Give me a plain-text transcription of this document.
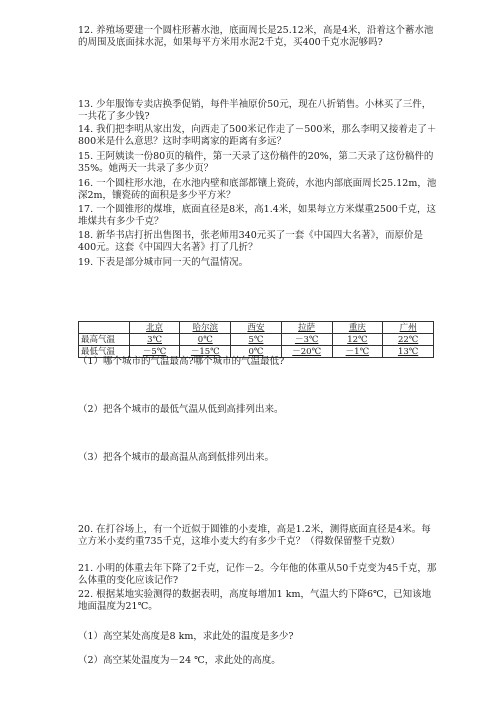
12. 养殖场要建一个圆柱形蓄水池，底面周长是25.12米，高是4米，沿着这个蓄水池的周围及底面抹水泥，如果每平方米用水泥2千克，买400千克水泥够吗?

13. 少年服饰专卖店换季促销，每件半袖原价50元，现在八折销售。小林买了三件，一共花了多少钱?

14. 我们把李明从家出发，向西走了500米记作走了－500米，那么李明又接着走了＋800米是什么意思？这时李明离家的距离有多远？

15. 王阿姨读一份80页的稿件，第一天录了这份稿件的20%，第二天录了这份稿件的35%。她两天一共录了多少页？

16. 一个圆柱形水池，在水池内壁和底部都镶上瓷砖，水池内部底面周长25.12m，池深2m，镶瓷砖的面积是多少平方米？

17. 一个圆锥形的煤堆，底面直径是8米，高1.4米，如果每立方米煤重2500千克，这堆煤共有多少千克？

18. 新华书店打折出售图书，张老师用340元买了一套《中国四大名著》，而原价是400元。这套《中国四大名著》打了几折？

19. 下表是部分城市同一天的气温情况。

	北京	哈尔滨	西安	拉萨	重庆	广州
最高气温	3℃	0℃	5℃	－3℃	12℃	22℃
最低气温	－5℃	－15℃	0℃	－20℃	－1℃	13℃

（1）哪个城市的气温最高?哪个城市的气温最低?

（2）把各个城市的最低气温从低到高排列出来。

（3）把各个城市的最高温从高到低排列出来。

20. 在打谷场上，有一个近似于圆锥的小麦堆，高是1.2米，测得底面直径是4米。每立方米小麦约重735千克，这堆小麦大约有多少千克？（得数保留整千克数）

21. 小明的体重去年下降了2千克，记作－2。今年他的体重从50千克变为45千克，那么体重的变化应该记作?

22. 根据某地实验测得的数据表明，高度每增加1 km，气温大约下降6℃，已知该地地面温度为21℃。

（1）高空某处高度是8 km，求此处的温度是多少?

（2）高空某处温度为－24 ℃，求此处的高度。
